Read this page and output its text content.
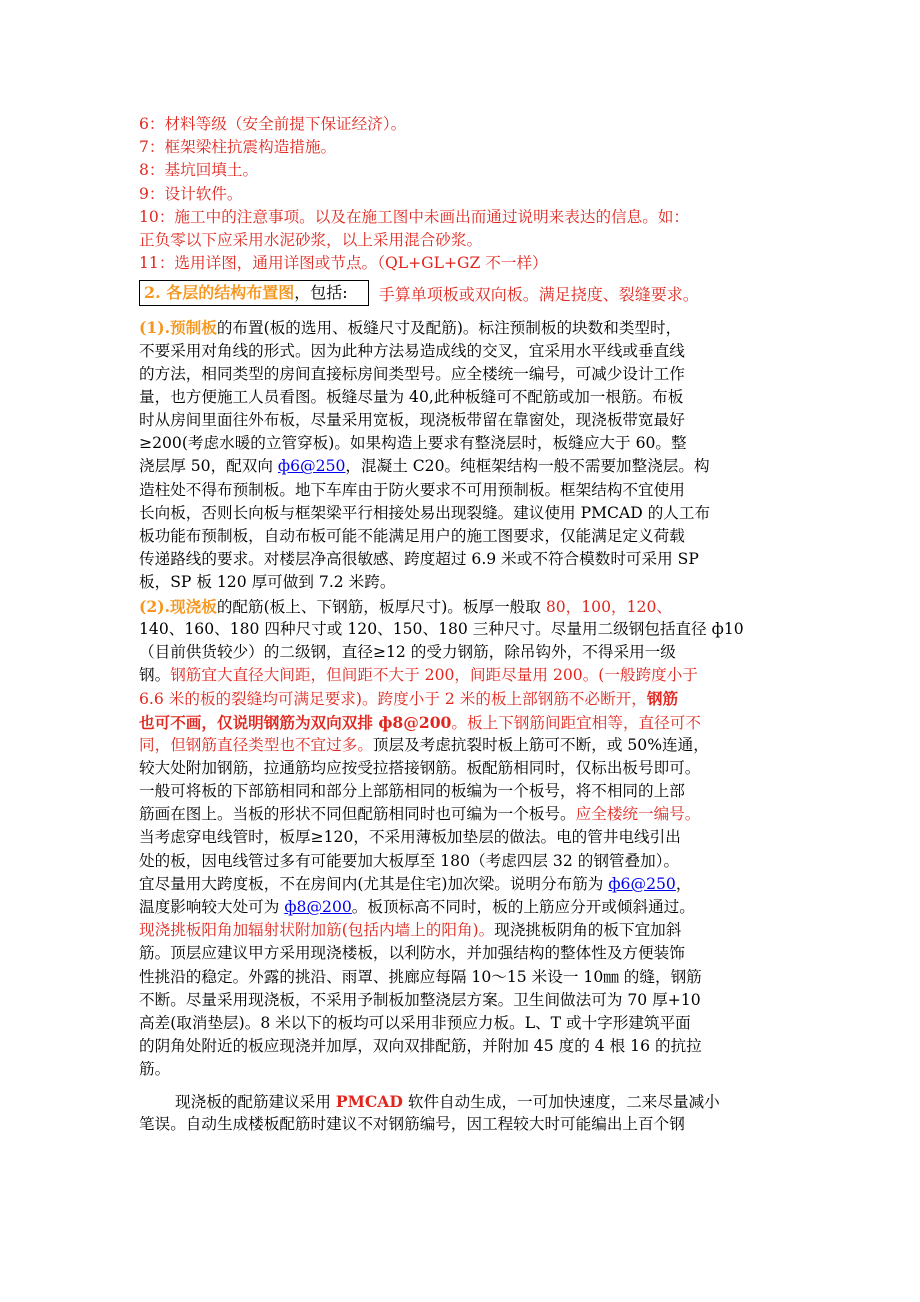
6：材料等级（安全前提下保证经济）。
7：框架梁柱抗震构造措施。
8：基坑回填土。
9：设计软件。
10：施工中的注意事项。以及在施工图中未画出而通过说明来表达的信息。如：
正负零以下应采用水泥砂浆，以上采用混合砂浆。
11：选用详图，通用详图或节点。（QL+GL+GZ 不一样）
2. 各层的结构布置图，包括:	手算单项板或双向板。满足挠度、裂缝要求。
(1).预制板的布置(板的选用、板缝尺寸及配筋)。标注预制板的块数和类型时，
不要采用对角线的形式。因为此种方法易造成线的交叉，宜采用水平线或垂直线
的方法，相同类型的房间直接标房间类型号。应全楼统一编号，可减少设计工作
量，也方便施工人员看图。板缝尽量为 40,此种板缝可不配筋或加一根筋。布板
时从房间里面往外布板，尽量采用宽板，现浇板带留在靠窗处，现浇板带宽最好
≥200(考虑水暖的立管穿板)。如果构造上要求有整浇层时，板缝应大于 60。整
浇层厚 50，配双向 ф6@250，混凝土 C20。纯框架结构一般不需要加整浇层。构
造柱处不得布预制板。地下车库由于防火要求不可用预制板。框架结构不宜使用
长向板，否则长向板与框架梁平行相接处易出现裂缝。建议使用 PMCAD 的人工布
板功能布预制板，自动布板可能不能满足用户的施工图要求，仅能满足定义荷载
传递路线的要求。对楼层净高很敏感、跨度超过 6.9 米或不符合模数时可采用 SP
板，SP 板 120 厚可做到 7.2 米跨。
(2).现浇板的配筋(板上、下钢筋，板厚尺寸)。板厚一般取 80，100，120、
140、160、180 四种尺寸或 120、150、180 三种尺寸。尽量用二级钢包括直径 ф10
（目前供货较少）的二级钢，直径≥12 的受力钢筋，除吊钩外，不得采用一级
钢。钢筋宜大直径大间距，但间距不大于 200，间距尽量用 200。(一般跨度小于
6.6 米的板的裂缝均可满足要求)。跨度小于 2 米的板上部钢筋不必断开，钢筋
也可不画，仅说明钢筋为双向双排 ф8@200。板上下钢筋间距宜相等，直径可不
同，但钢筋直径类型也不宜过多。顶层及考虑抗裂时板上筋可不断，或 50%连通，
较大处附加钢筋，拉通筋均应按受拉搭接钢筋。板配筋相同时，仅标出板号即可。
一般可将板的下部筋相同和部分上部筋相同的板编为一个板号，将不相同的上部
筋画在图上。当板的形状不同但配筋相同时也可编为一个板号。应全楼统一编号。
当考虑穿电线管时，板厚≥120，不采用薄板加垫层的做法。电的管井电线引出
处的板，因电线管过多有可能要加大板厚至 180（考虑四层 32 的钢管叠加）。
宜尽量用大跨度板，不在房间内(尤其是住宅)加次梁。说明分布筋为 ф6@250，
温度影响较大处可为 ф8@200。板顶标高不同时，板的上筋应分开或倾斜通过。
现浇挑板阳角加辐射状附加筋(包括内墙上的阳角)。现浇挑板阴角的板下宜加斜
筋。顶层应建议甲方采用现浇楼板，以利防水，并加强结构的整体性及方便装饰
性挑沿的稳定。外露的挑沿、雨罩、挑廊应每隔 10～15 米设一 10㎜ 的缝，钢筋
不断。尽量采用现浇板，不采用予制板加整浇层方案。卫生间做法可为 70 厚+10
高差(取消垫层)。8 米以下的板均可以采用非预应力板。L、T 或十字形建筑平面
的阴角处附近的板应现浇并加厚，双向双排配筋，并附加 45 度的 4 根 16 的抗拉
筋。
现浇板的配筋建议采用 PMCAD 软件自动生成，一可加快速度，二来尽量减小
笔误。自动生成楼板配筋时建议不对钢筋编号，因工程较大时可能编出上百个钢
